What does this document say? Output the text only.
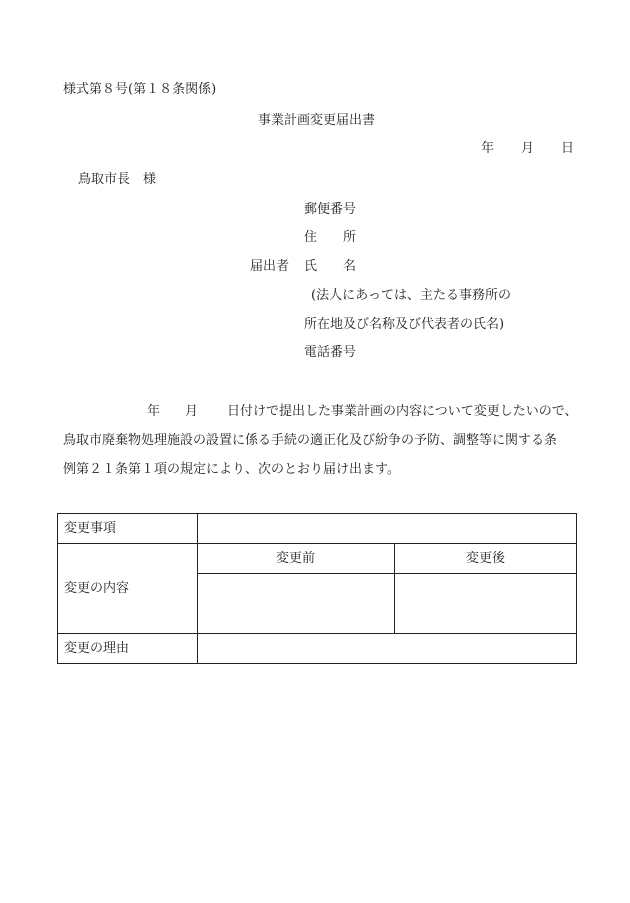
様式第８号(第１８条関係)
事業計画変更届出書
年 月 日
鳥取市長　様
郵便番号
住　　所
届出者 氏　　名
(法人にあっては、主たる事務所の
所在地及び名称及び代表者の氏名)
電話番号
年 月 日付けで提出した事業計画の内容について変更したいので、
鳥取市廃棄物処理施設の設置に係る手続の適正化及び紛争の予防、調整等に関する条
例第２１条第１項の規定により、次のとおり届け出ます。
変更事項
変更の内容
変更前	変更後
変更の理由
